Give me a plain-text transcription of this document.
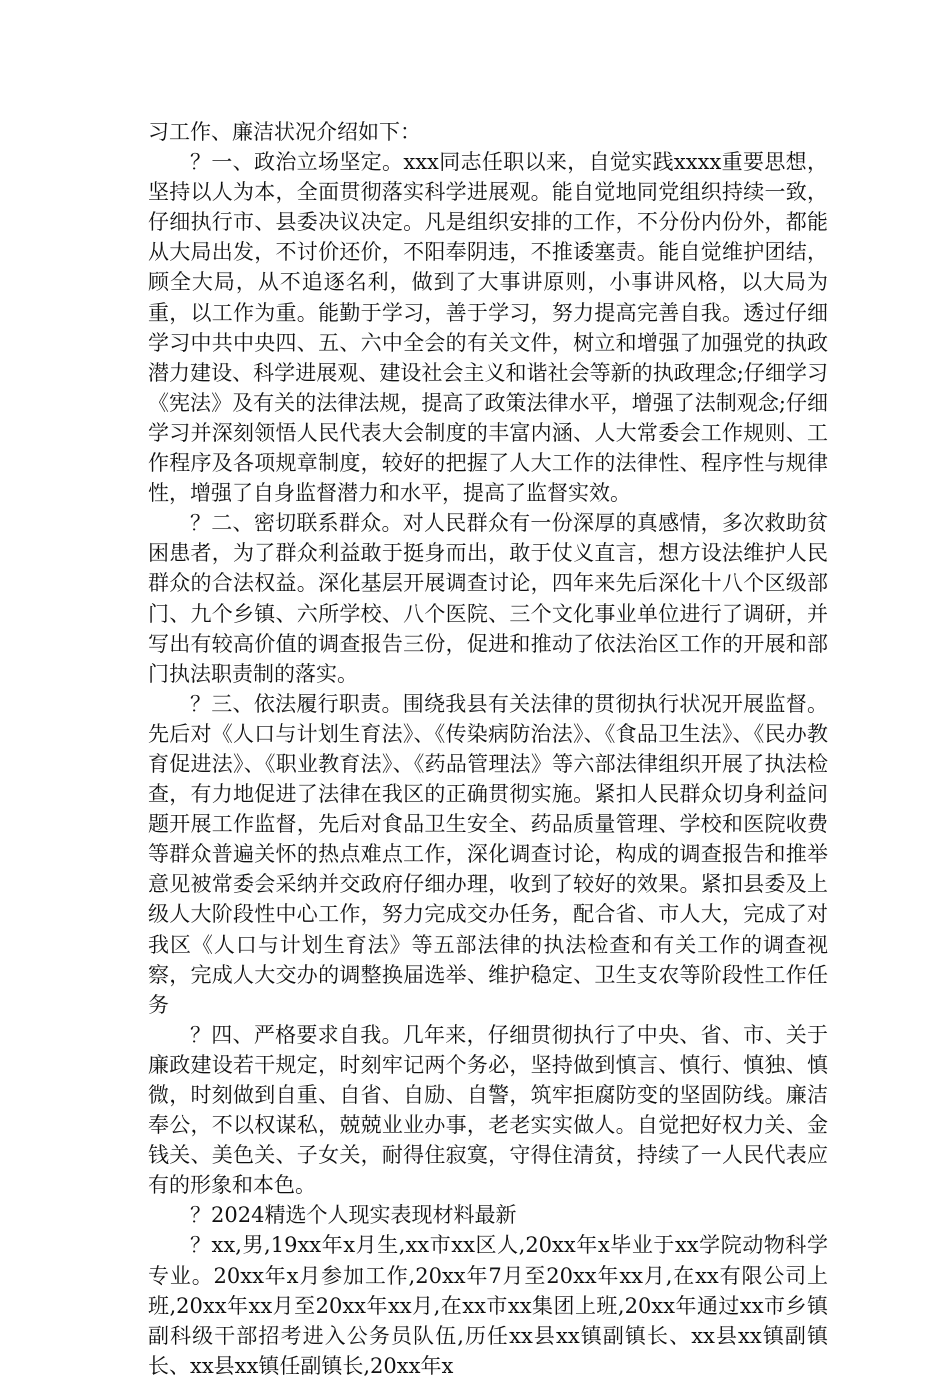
习工作、廉洁状况介绍如下：

？一、政治立场坚定。xxx同志任职以来，自觉实践xxxx重要思想，坚持以人为本，全面贯彻落实科学进展观。能自觉地同党组织持续一致，仔细执行市、县委决议决定。凡是组织安排的工作，不分份内份外，都能从大局出发，不讨价还价，不阳奉阴违，不推诿塞责。能自觉维护团结，顾全大局，从不追逐名利，做到了大事讲原则，小事讲风格，以大局为重，以工作为重。能勤于学习，善于学习，努力提高完善自我。透过仔细学习中共中央四、五、六中全会的有关文件，树立和增强了加强党的执政潜力建设、科学进展观、建设社会主义和谐社会等新的执政理念;仔细学习《宪法》及有关的法律法规，提高了政策法律水平，增强了法制观念;仔细学习并深刻领悟人民代表大会制度的丰富内涵、人大常委会工作规则、工作程序及各项规章制度，较好的把握了人大工作的法律性、程序性与规律性，增强了自身监督潜力和水平，提高了监督实效。

？二、密切联系群众。对人民群众有一份深厚的真感情，多次救助贫困患者，为了群众利益敢于挺身而出，敢于仗义直言，想方设法维护人民群众的合法权益。深化基层开展调查讨论，四年来先后深化十八个区级部门、九个乡镇、六所学校、八个医院、三个文化事业单位进行了调研，并写出有较高价值的调查报告三份，促进和推动了依法治区工作的开展和部门执法职责制的落实。

？三、依法履行职责。围绕我县有关法律的贯彻执行状况开展监督。先后对《人口与计划生育法》、《传染病防治法》、《食品卫生法》、《民办教育促进法》、《职业教育法》、《药品管理法》等六部法律组织开展了执法检查，有力地促进了法律在我区的正确贯彻实施。紧扣人民群众切身利益问题开展工作监督，先后对食品卫生安全、药品质量管理、学校和医院收费等群众普遍关怀的热点难点工作，深化调查讨论，构成的调查报告和推举意见被常委会采纳并交政府仔细办理，收到了较好的效果。紧扣县委及上级人大阶段性中心工作，努力完成交办任务，配合省、市人大，完成了对我区《人口与计划生育法》等五部法律的执法检查和有关工作的调查视察，完成人大交办的调整换届选举、维护稳定、卫生支农等阶段性工作任务

？四、严格要求自我。几年来，仔细贯彻执行了中央、省、市、关于廉政建设若干规定，时刻牢记两个务必，坚持做到慎言、慎行、慎独、慎微，时刻做到自重、自省、自励、自警，筑牢拒腐防变的坚固防线。廉洁奉公，不以权谋私，兢兢业业办事，老老实实做人。自觉把好权力关、金钱关、美色关、子女关，耐得住寂寞，守得住清贫，持续了一人民代表应有的形象和本色。

？2024精选个人现实表现材料最新

？xx,男,19xx年x月生,xx市xx区人,20xx年x毕业于xx学院动物科学专业。20xx年x月参加工作,20xx年7月至20xx年xx月,在xx有限公司上班,20xx年xx月至20xx年xx月,在xx市xx集团上班,20xx年通过xx市乡镇副科级干部招考进入公务员队伍,历任xx县xx镇副镇长、xx县xx镇副镇长、xx县xx镇任副镇长,20xx年x
